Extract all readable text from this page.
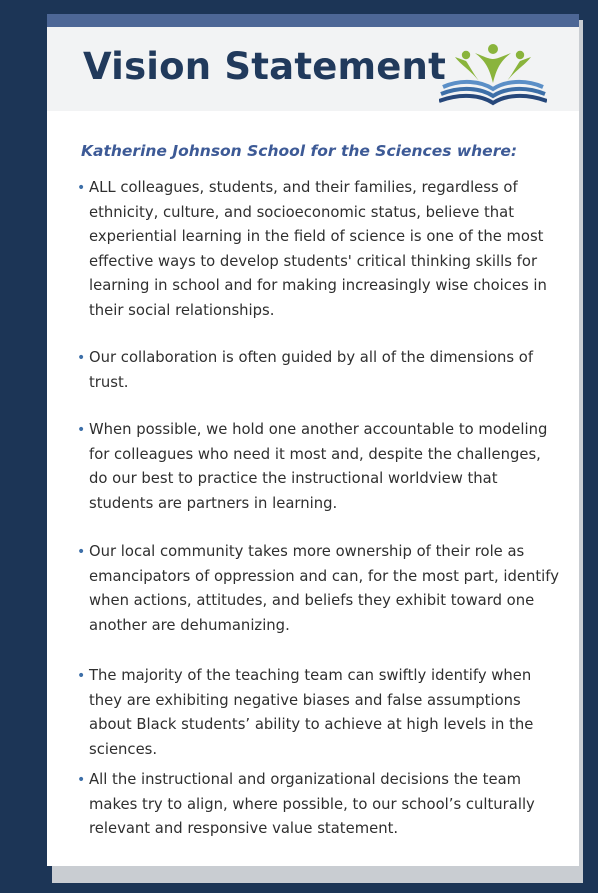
Vision Statement
Katherine Johnson School for the Sciences where:
• ALL colleagues, students, and their families, regardless of ethnicity, culture, and socioeconomic status, believe that experiential learning in the field of science is one of the most effective ways to develop students' critical thinking skills for learning in school and for making increasingly wise choices in their social relationships.
• Our collaboration is often guided by all of the dimensions of trust.
• When possible, we hold one another accountable to modeling for colleagues who need it most and, despite the challenges, do our best to practice the instructional worldview that students are partners in learning.
• Our local community takes more ownership of their role as emancipators of oppression and can, for the most part, identify when actions, attitudes, and beliefs they exhibit toward one another are dehumanizing.
• The majority of the teaching team can swiftly identify when they are exhibiting negative biases and false assumptions about Black students’ ability to achieve at high levels in the sciences.
• All the instructional and organizational decisions the team makes try to align, where possible, to our school’s culturally relevant and responsive value statement.
